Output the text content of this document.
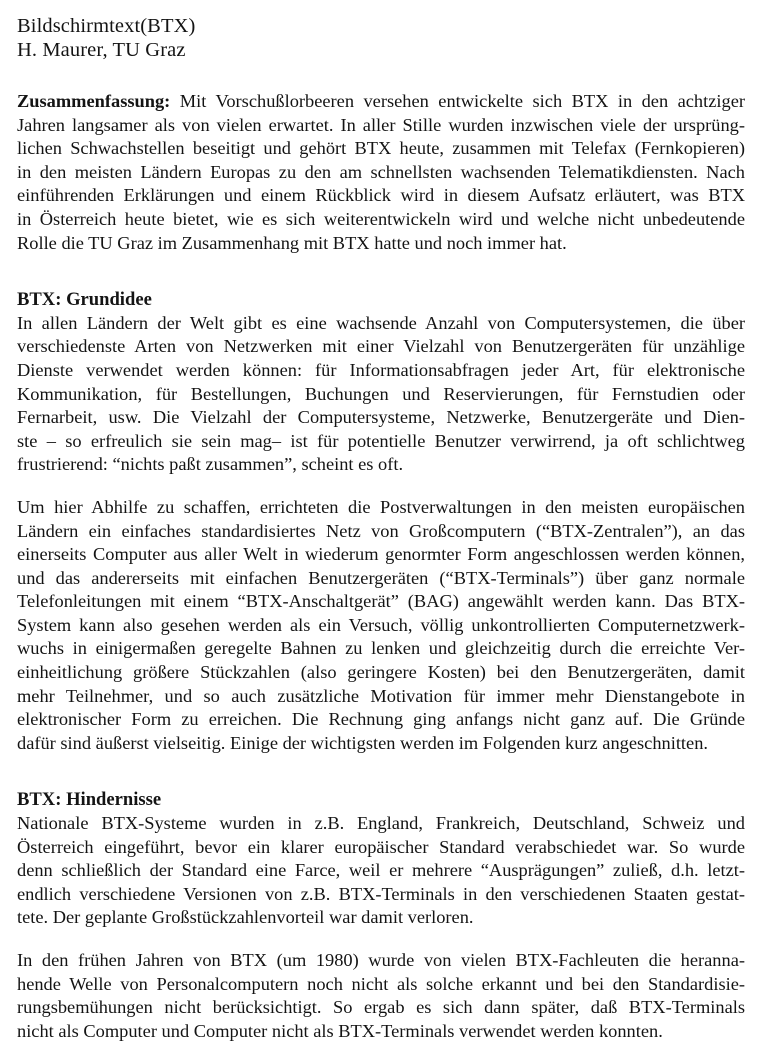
Bildschirmtext(BTX)
H. Maurer, TU Graz
Zusammenfassung: Mit Vorschußlorbeeren versehen entwickelte sich BTX in den achtziger
Jahren langsamer als von vielen erwartet. In aller Stille wurden inzwischen viele der ursprüng-
lichen Schwachstellen beseitigt und gehört BTX heute, zusammen mit Telefax (Fernkopieren)
in den meisten Ländern Europas zu den am schnellsten wachsenden Telematikdiensten. Nach
einführenden Erklärungen und einem Rückblick wird in diesem Aufsatz erläutert, was BTX
in Österreich heute bietet, wie es sich weiterentwickeln wird und welche nicht unbedeutende
Rolle die TU Graz im Zusammenhang mit BTX hatte und noch immer hat.
BTX: Grundidee
In allen Ländern der Welt gibt es eine wachsende Anzahl von Computersystemen, die über
verschiedenste Arten von Netzwerken mit einer Vielzahl von Benutzergeräten für unzählige
Dienste verwendet werden können: für Informationsabfragen jeder Art, für elektronische
Kommunikation, für Bestellungen, Buchungen und Reservierungen, für Fernstudien oder
Fernarbeit, usw. Die Vielzahl der Computersysteme, Netzwerke, Benutzergeräte und Dien-
ste – so erfreulich sie sein mag– ist für potentielle Benutzer verwirrend, ja oft schlichtweg
frustrierend: “nichts paßt zusammen”, scheint es oft.
Um hier Abhilfe zu schaffen, errichteten die Postverwaltungen in den meisten europäischen
Ländern ein einfaches standardisiertes Netz von Großcomputern (“BTX-Zentralen”), an das
einerseits Computer aus aller Welt in wiederum genormter Form angeschlossen werden können,
und das andererseits mit einfachen Benutzergeräten (“BTX-Terminals”) über ganz normale
Telefonleitungen mit einem “BTX-Anschaltgerät” (BAG) angewählt werden kann. Das BTX-
System kann also gesehen werden als ein Versuch, völlig unkontrollierten Computernetzwerk-
wuchs in einigermaßen geregelte Bahnen zu lenken und gleichzeitig durch die erreichte Ver-
einheitlichung größere Stückzahlen (also geringere Kosten) bei den Benutzergeräten, damit
mehr Teilnehmer, und so auch zusätzliche Motivation für immer mehr Dienstangebote in
elektronischer Form zu erreichen. Die Rechnung ging anfangs nicht ganz auf. Die Gründe
dafür sind äußerst vielseitig. Einige der wichtigsten werden im Folgenden kurz angeschnitten.
BTX: Hindernisse
Nationale BTX-Systeme wurden in z.B. England, Frankreich, Deutschland, Schweiz und
Österreich eingeführt, bevor ein klarer europäischer Standard verabschiedet war. So wurde
denn schließlich der Standard eine Farce, weil er mehrere “Ausprägungen” zuließ, d.h. letzt-
endlich verschiedene Versionen von z.B. BTX-Terminals in den verschiedenen Staaten gestat-
tete. Der geplante Großstückzahlenvorteil war damit verloren.
In den frühen Jahren von BTX (um 1980) wurde von vielen BTX-Fachleuten die heranna-
hende Welle von Personalcomputern noch nicht als solche erkannt und bei den Standardisie-
rungsbemühungen nicht berücksichtigt. So ergab es sich dann später, daß BTX-Terminals
nicht als Computer und Computer nicht als BTX-Terminals verwendet werden konnten.
